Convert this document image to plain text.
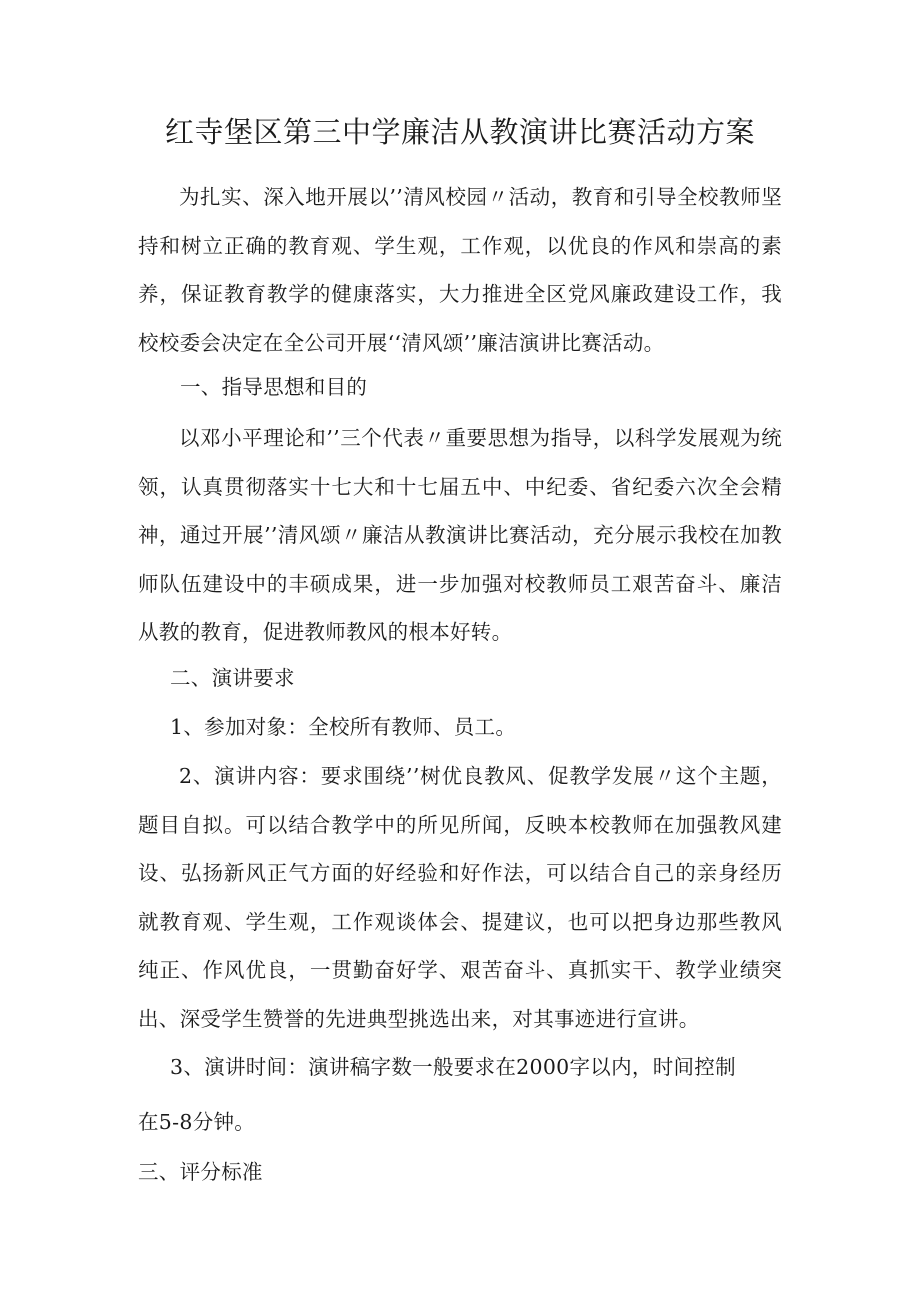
红寺堡区第三中学廉洁从教演讲比赛活动方案

为扎实、深入地开展以’’清风校园〃活动，教育和引导全校教师坚持和树立正确的教育观、学生观，工作观，以优良的作风和崇高的素养，保证教育教学的健康落实，大力推进全区党风廉政建设工作，我校校委会决定在全公司开展‘‘清风颂’’廉洁演讲比赛活动。

一、指导思想和目的

以邓小平理论和’’三个代表〃重要思想为指导，以科学发展观为统领，认真贯彻落实十七大和十七届五中、中纪委、省纪委六次全会精神，通过开展’’清风颂〃廉洁从教演讲比赛活动，充分展示我校在加教师队伍建设中的丰硕成果，进一步加强对校教师员工艰苦奋斗、廉洁从教的教育，促进教师教风的根本好转。

二、演讲要求

1、参加对象：全校所有教师、员工。

2、演讲内容：要求围绕’’树优良教风、促教学发展〃这个主题，题目自拟。可以结合教学中的所见所闻，反映本校教师在加强教风建设、弘扬新风正气方面的好经验和好作法，可以结合自己的亲身经历就教育观、学生观，工作观谈体会、提建议，也可以把身边那些教风纯正、作风优良，一贯勤奋好学、艰苦奋斗、真抓实干、教学业绩突出、深受学生赞誉的先进典型挑选出来，对其事迹进行宣讲。

3、演讲时间：演讲稿字数一般要求在2000字以内，时间控制

在5-8分钟。

三、评分标准
